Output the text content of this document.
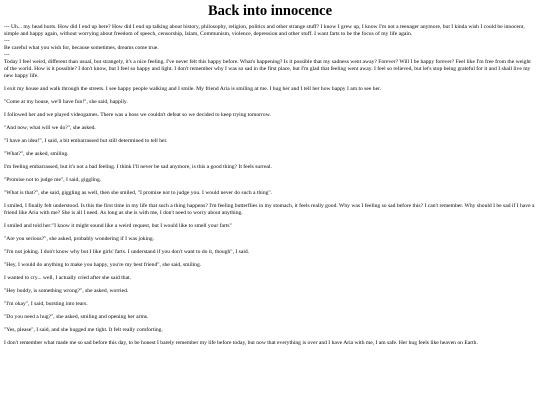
Back into innocence
--- Uh... my head hurts. How did I end up here? How did I end up talking about history, philosophy, religion, politics and other strange stuff? I know I grew up, I know I'm not a teenager anymore, but I kinda wish I could be innocent, simple and happy again, without worrying about freedom of speech, censorship, Islam, Communism, violence, depression and other stuff. I want farts to be the focus of my life again.
---
Be careful what you wish for, because sometimes, dreams come true.
---
Today I feel weird, different than usual, but strangely, it's a nice feeling. I've never felt this happy before. What's happening? Is it possible that my sadness went away? Forever? Will I be happy forever? Feel like I'm free from the weight of the world. How is it possible? I don't know, but I feel so happy and light. I don't remember why I was so sad in the first place, but I'm glad that feeling went away. I feel so relieved, but let's stop being grateful for it and I shall live my new happy life.
I exit my house and walk through the streets. I see happy people walking and I smile. My friend Aria is smiling at me. I hug her and I tell her how happy I am to see her.
"Come at my house, we'll have fun!", she said, happily.
I followed her and we played videogames. There was a boss we couldn't defeat so we decided to keep trying tomorrow.
"And now, what will we do?", she asked.
"I have an idea!", I said, a bit embarrassed but still determined to tell her.
"What?", she asked, smiling.
I'm feeling embarrassed, but it's not a bad feeling. I think I'll never be sad anymore, is this a good thing? It feels surreal.
"Promise not to judge me", I said, giggling.
"What is that?", she said, giggling as well, then she smiled, "I promise not to judge you. I would never do such a thing".
I smiled, I finally felt understood. Is this the first time in my life that such a thing happens? I'm feeling butterflies in my stomach, it feels really good. Why was I feeling so sad before this? I can't remember. Why should I be sad if I have a friend like Aria with me? She is all I need. As long as she is with me, I don't need to worry about anything.
I smiled and told her:"I know it might sound like a weird request, but I would like to smell your farts"
"Are you serious?", she asked, probably wondering if I was joking.
"I'm not joking. I don't know why but I like girls' farts. I understand if you don't want to do it, though", I said.
"Hey, I would do anything to make you happy, you're my best friend", she said, smiling.
I wanted to cry... well, I actually cried after she said that.
"Hey buddy, is something wrong?", she asked, worried.
"I'm okay", I said, bursting into tears.
"Do you need a hug?", she asked, smiling and opening her arms.
"Yes, please", I said, and she hugged me tight. It felt really comforting.
I don't remember what made me so sad before this day, to be honest I barely remember my life before today, but now that everything is over and I have Aria with me, I am safe. Her hug feels like heaven on Earth.
